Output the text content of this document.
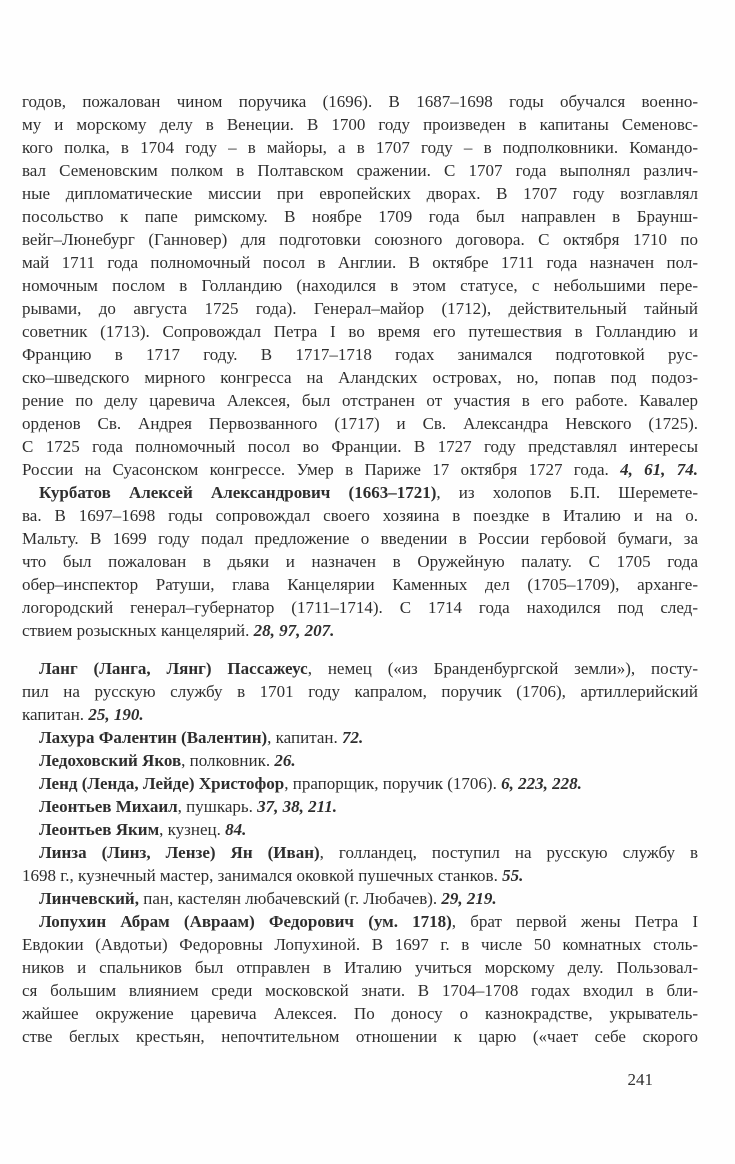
годов, пожалован чином поручика (1696). В 1687–1698 годы обучался военно-
му и морскому делу в Венеции. В 1700 году произведен в капитаны Семеновс-
кого полка, в 1704 году – в майоры, а в 1707 году – в подполковники. Командо-
вал Семеновским полком в Полтавском сражении. С 1707 года выполнял различ-
ные дипломатические миссии при европейских дворах. В 1707 году возглавлял
посольство к папе римскому. В ноябре 1709 года был направлен в Браунш-
вейг–Люнебург (Ганновер) для подготовки союзного договора. С октября 1710 по
май 1711 года полномочный посол в Англии. В октябре 1711 года назначен пол-
номочным послом в Голландию (находился в этом статусе, с небольшими пере-
рывами, до августа 1725 года). Генерал–майор (1712), действительный тайный
советник (1713). Сопровождал Петра I во время его путешествия в Голландию и
Францию в 1717 году. В 1717–1718 годах занимался подготовкой рус-
ско–шведского мирного конгресса на Аландских островах, но, попав под подоз-
рение по делу царевича Алексея, был отстранен от участия в его работе. Кавалер
орденов Св. Андрея Первозванного (1717) и Св. Александра Невского (1725).
С 1725 года полномочный посол во Франции. В 1727 году представлял интересы
России на Суасонском конгрессе. Умер в Париже 17 октября 1727 года. 4, 61, 74.
Курбатов Алексей Александрович (1663–1721), из холопов Б.П. Шеремете-
ва. В 1697–1698 годы сопровождал своего хозяина в поездке в Италию и на о.
Мальту. В 1699 году подал предложение о введении в России гербовой бумаги, за
что был пожалован в дьяки и назначен в Оружейную палату. С 1705 года
обер–инспектор Ратуши, глава Канцелярии Каменных дел (1705–1709), арханге-
логородский генерал–губернатор (1711–1714). С 1714 года находился под след-
ствием розыскных канцелярий. 28, 97, 207.
Ланг (Ланга, Лянг) Пассажеус, немец («из Бранденбургской земли»), посту-
пил на русскую службу в 1701 году капралом, поручик (1706), артиллерийский
капитан. 25, 190.
Лахура Фалентин (Валентин), капитан. 72.
Ледоховский Яков, полковник. 26.
Ленд (Ленда, Лейде) Христофор, прапорщик, поручик (1706). 6, 223, 228.
Леонтьев Михаил, пушкарь. 37, 38, 211.
Леонтьев Яким, кузнец. 84.
Линза (Линз, Лензе) Ян (Иван), голландец, поступил на русскую службу в
1698 г., кузнечный мастер, занимался оковкой пушечных станков. 55.
Линчевский, пан, кастелян любачевский (г. Любачев). 29, 219.
Лопухин Абрам (Авраам) Федорович (ум. 1718), брат первой жены Петра I
Евдокии (Авдотьи) Федоровны Лопухиной. В 1697 г. в числе 50 комнатных столь-
ников и спальников был отправлен в Италию учиться морскому делу. Пользовал-
ся большим влиянием среди московской знати. В 1704–1708 годах входил в бли-
жайшее окружение царевича Алексея. По доносу о казнокрадстве, укрыватель-
стве беглых крестьян, непочтительном отношении к царю («чает себе скорого
241
